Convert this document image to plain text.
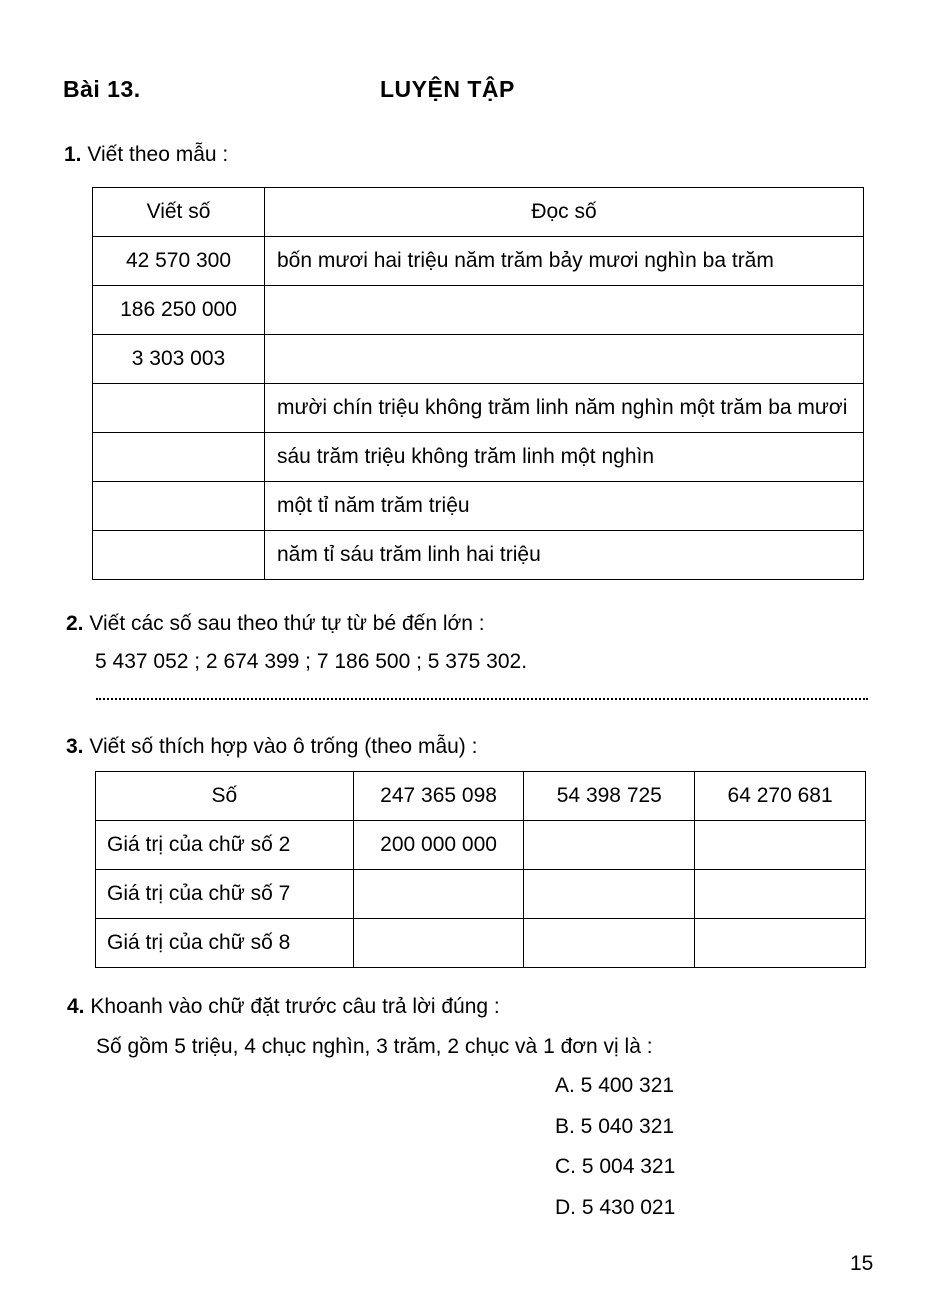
Bài 13.	LUYỆN TẬP
1. Viết theo mẫu :
Viết số	Đọc số
42 570 300	bốn mươi hai triệu năm trăm bảy mươi nghìn ba trăm
186 250 000	
3 303 003	
	mười chín triệu không trăm linh năm nghìn một trăm ba mươi
	sáu trăm triệu không trăm linh một nghìn
	một tỉ năm trăm triệu
	năm tỉ sáu trăm linh hai triệu
2. Viết các số sau theo thứ tự từ bé đến lớn :
5 437 052 ; 2 674 399 ; 7 186 500 ; 5 375 302.
3. Viết số thích hợp vào ô trống (theo mẫu) :
Số	247 365 098	54 398 725	64 270 681
Giá trị của chữ số 2	200 000 000		
Giá trị của chữ số 7			
Giá trị của chữ số 8			
4. Khoanh vào chữ đặt trước câu trả lời đúng :
Số gồm 5 triệu, 4 chục nghìn, 3 trăm, 2 chục và 1 đơn vị là :
A. 5 400 321
B. 5 040 321
C. 5 004 321
D. 5 430 021
15
